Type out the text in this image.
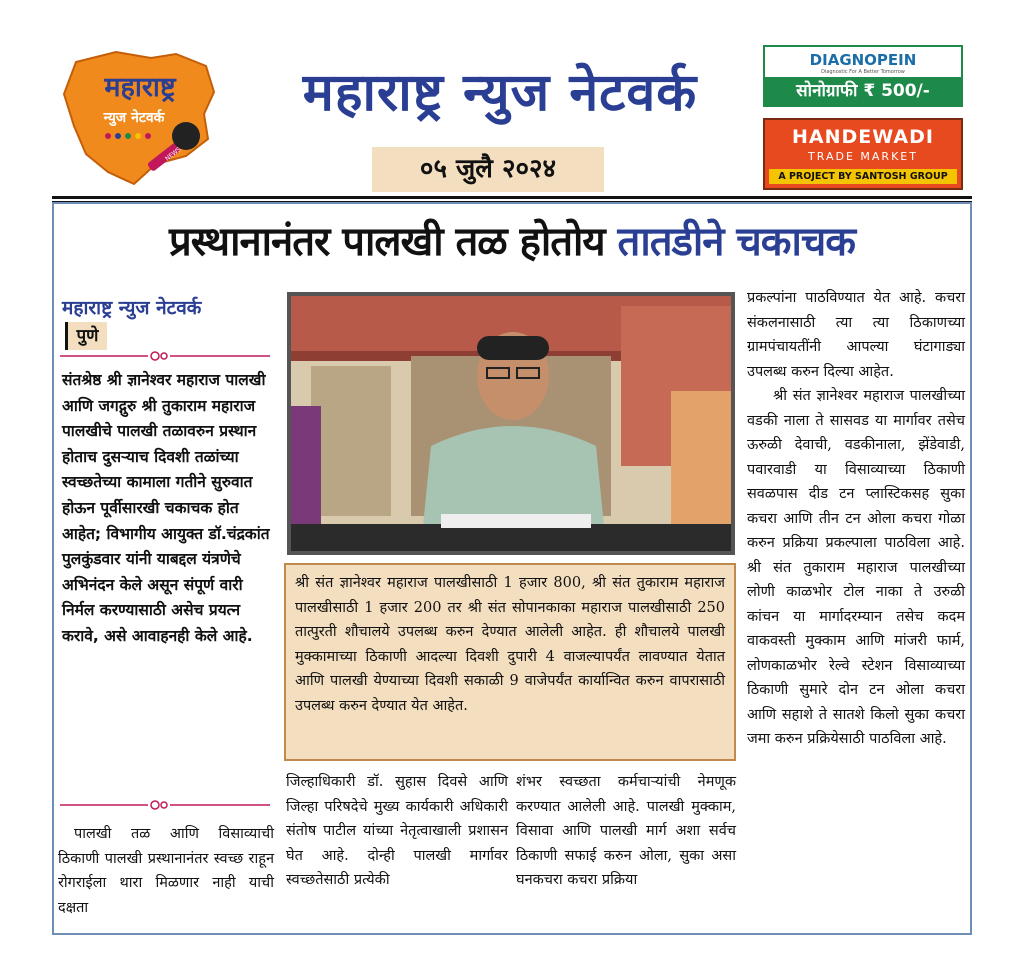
महाराष्ट्र
न्युज नेटवर्क
NEWS
महाराष्ट्र न्युज नेटवर्क
०५ जुलै २०२४
DIAGNOPEIN
Diagnostic For A Better Tomorrow
सोनोग्राफी ₹ 500/-
HANDEWADI
TRADE MARKET
A PROJECT BY SANTOSH GROUP
प्रस्थानानंतर पालखी तळ होतोय तातडीने चकाचक
महाराष्ट्र न्युज नेटवर्क
पुणे
संतश्रेष्ठ श्री ज्ञानेश्वर महाराज पालखी आणि जगद्गुरु श्री तुकाराम महाराज पालखीचे पालखी तळावरुन प्रस्थान होताच दुसऱ्याच दिवशी तळांच्या स्वच्छतेच्या कामाला गतीने सुरुवात होऊन पूर्वीसारखी चकाचक होत आहेत; विभागीय आयुक्त डॉ.चंद्रकांत पुलकुंडवार यांनी याबद्दल यंत्रणेचे अभिनंदन केले असून संपूर्ण वारी निर्मल करण्यासाठी असेच प्रयत्न करावे, असे आवाहनही केले आहे.
पालखी तळ आणि विसाव्याची ठिकाणी पालखी प्रस्थानानंतर स्वच्छ राहून रोगराईला थारा मिळणार नाही याची दक्षता
श्री संत ज्ञानेश्वर महाराज पालखीसाठी 1 हजार 800, श्री संत तुकाराम महाराज पालखीसाठी 1 हजार 200 तर श्री संत सोपानकाका महाराज पालखीसाठी 250 तात्पुरती शौचालये उपलब्ध करुन देण्यात आलेली आहेत. ही शौचालये पालखी मुक्कामाच्या ठिकाणी आदल्या दिवशी दुपारी 4 वाजल्यापर्यंत लावण्यात येतात आणि पालखी येण्याच्या दिवशी सकाळी 9 वाजेपर्यंत कार्यान्वित करुन वापरासाठी उपलब्ध करुन देण्यात येत आहेत.
जिल्हाधिकारी डॉ. सुहास दिवसे आणि जिल्हा परिषदेचे मुख्य कार्यकारी अधिकारी संतोष पाटील यांच्या नेतृत्वाखाली प्रशासन घेत आहे. दोन्ही पालखी मार्गावर स्वच्छतेसाठी प्रत्येकी
शंभर स्वच्छता कर्मचाऱ्यांची नेमणूक करण्यात आलेली आहे. पालखी मुक्काम, विसावा आणि पालखी मार्ग अशा सर्वच ठिकाणी सफाई करुन ओला, सुका असा घनकचरा कचरा प्रक्रिया

प्रकल्पांना पाठविण्यात येत आहे. कचरा संकलनासाठी त्या त्या ठिकाणच्या ग्रामपंचायतींनी आपल्या घंटागाड्या उपलब्ध करुन दिल्या आहेत.

श्री संत ज्ञानेश्वर महाराज पालखीच्या वडकी नाला ते सासवड या मार्गावर तसेच ऊरुळी देवाची, वडकीनाला, झेंडेवाडी, पवारवाडी या विसाव्याच्या ठिकाणी सवळपास दीड टन प्लास्टिकसह सुका कचरा आणि तीन टन ओला कचरा गोळा करुन प्रक्रिया प्रकल्पाला पाठविला आहे. श्री संत तुकाराम महाराज पालखीच्या लोणी काळभोर टोल नाका ते उरुळी कांचन या मार्गादरम्यान तसेच कदम वाकवस्ती मुक्काम आणि मांजरी फार्म, लोणकाळभोर रेल्वे स्टेशन विसाव्याच्या ठिकाणी सुमारे दोन टन ओला कचरा आणि सहाशे ते सातशे किलो सुका कचरा जमा करुन प्रक्रियेसाठी पाठविला आहे.
